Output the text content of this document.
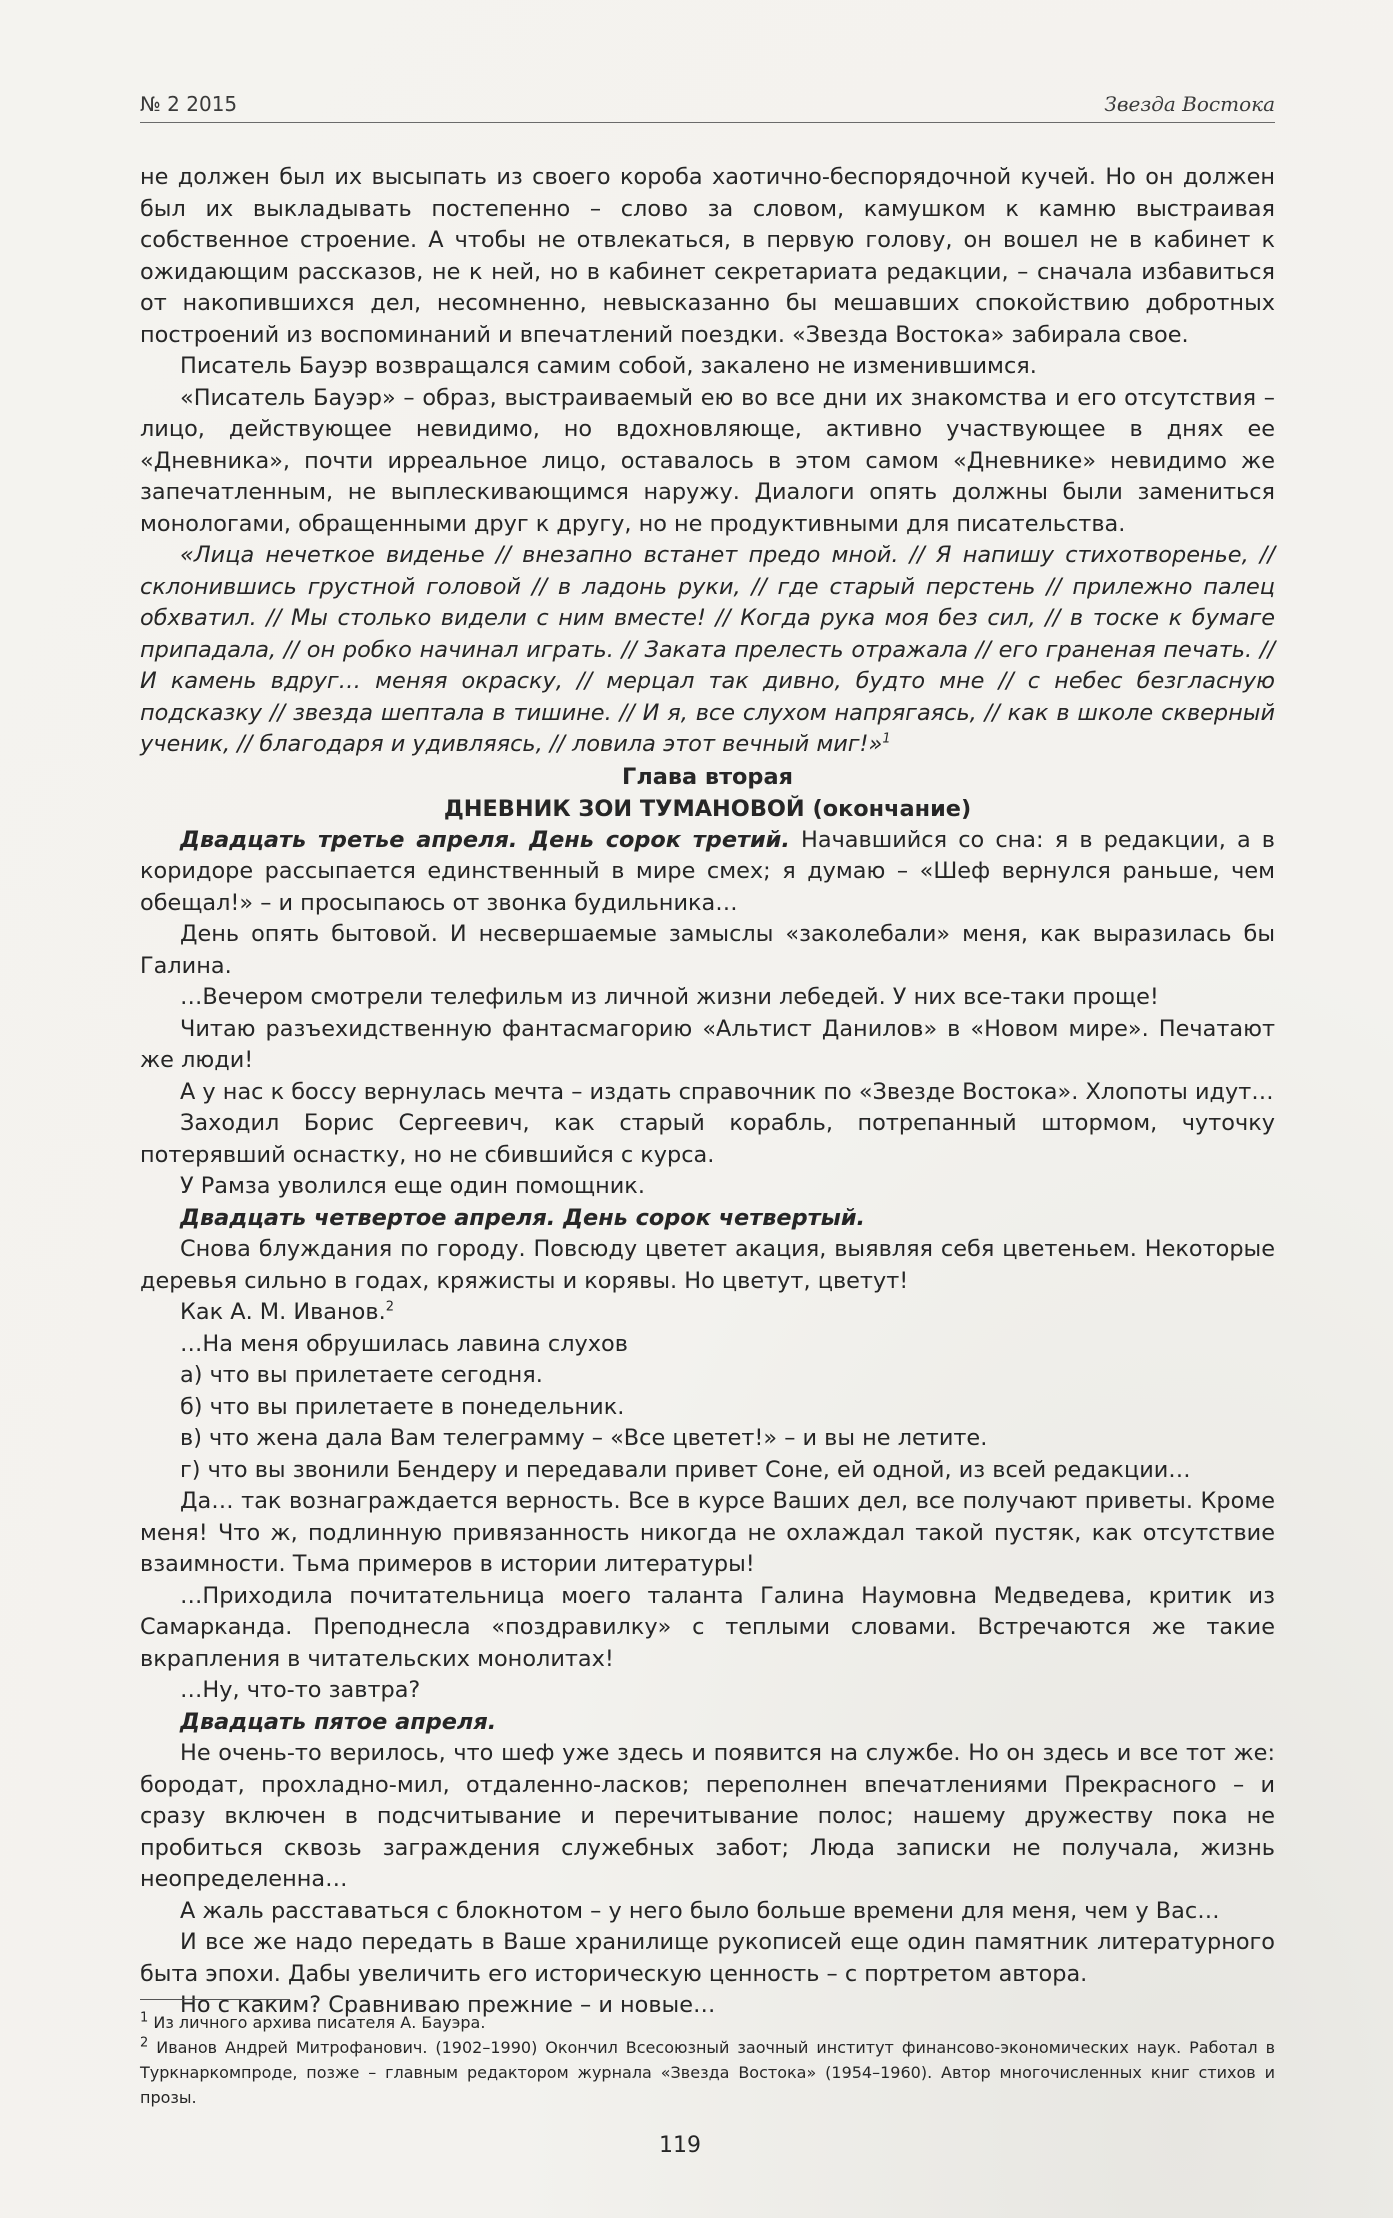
№ 2 2015	Звезда Востока

не должен был их высыпать из своего короба хаотично-беспорядочной кучей. Но он должен был их выкладывать постепенно – слово за словом, камушком к камню выстраивая собственное строение. А чтобы не отвлекаться, в первую голову, он вошел не в кабинет к ожидающим рассказов, не к ней, но в кабинет секретариата редакции, – сначала избавиться от накопившихся дел, несомненно, невысказанно бы мешавших спокойствию добротных построений из воспоминаний и впечатлений поездки. «Звезда Востока» забирала свое.

Писатель Бауэр возвращался самим собой, закалено не изменившимся.

«Писатель Бауэр» – образ, выстраиваемый ею во все дни их знакомства и его отсутствия – лицо, действующее невидимо, но вдохновляюще, активно участвующее в днях ее «Дневника», почти ирреальное лицо, оставалось в этом самом «Дневнике» невидимо же запечатленным, не выплескивающимся наружу. Диалоги опять должны были замениться монологами, обращенными друг к другу, но не продуктивными для писательства.

«Лица нечеткое виденье // внезапно встанет предо мной. // Я напишу стихотворенье, // склонившись грустной головой // в ладонь руки, // где старый перстень // прилежно палец обхватил. // Мы столько видели с ним вместе! // Когда рука моя без сил, // в тоске к бумаге припадала, // он робко начинал играть. // Заката прелесть отражала // его граненая печать. // И камень вдруг… меняя окраску, // мерцал так дивно, будто мне // с небес безгласную подсказку // звезда шептала в тишине. // И я, все слухом напрягаясь, // как в школе скверный ученик, // благодаря и удивляясь, // ловила этот вечный миг!»$^1$

Глава вторая

ДНЕВНИК ЗОИ ТУМАНОВОЙ (окончание)

Двадцать третье апреля. День сорок третий. Начавшийся со сна: я в редакции, а в коридоре рассыпается единственный в мире смех; я думаю – «Шеф вернулся раньше, чем обещал!» – и просыпаюсь от звонка будильника…

День опять бытовой. И несвершаемые замыслы «заколебали» меня, как выразилась бы Галина.

…Вечером смотрели телефильм из личной жизни лебедей. У них все-таки проще!

Читаю разъехидственную фантасмагорию «Альтист Данилов» в «Новом мире». Печатают же люди!

А у нас к боссу вернулась мечта – издать справочник по «Звезде Востока». Хлопоты идут…

Заходил Борис Сергеевич, как старый корабль, потрепанный штормом, чуточку потерявший оснастку, но не сбившийся с курса.

У Рамза уволился еще один помощник.

Двадцать четвертое апреля. День сорок четвертый.

Снова блуждания по городу. Повсюду цветет акация, выявляя себя цветеньем. Некоторые деревья сильно в годах, кряжисты и корявы. Но цветут, цветут!

Как А. М. Иванов.$^2$

…На меня обрушилась лавина слухов

а) что вы прилетаете сегодня.

б) что вы прилетаете в понедельник.

в) что жена дала Вам телеграмму – «Все цветет!» – и вы не летите.

г) что вы звонили Бендеру и передавали привет Соне, ей одной, из всей редакции…

Да… так вознаграждается верность. Все в курсе Ваших дел, все получают приветы. Кроме меня! Что ж, подлинную привязанность никогда не охлаждал такой пустяк, как отсутствие взаимности. Тьма примеров в истории литературы!

…Приходила почитательница моего таланта Галина Наумовна Медведева, критик из Самарканда. Преподнесла «поздравилку» с теплыми словами. Встречаются же такие вкрапления в читательских монолитах!

…Ну, что-то завтра?

Двадцать пятое апреля.

Не очень-то верилось, что шеф уже здесь и появится на службе. Но он здесь и все тот же: бородат, прохладно-мил, отдаленно-ласков; переполнен впечатлениями Прекрасного – и сразу включен в подсчитывание и перечитывание полос; нашему дружеству пока не пробиться сквозь заграждения служебных забот; Люда записки не получала, жизнь неопределенна…

А жаль расставаться с блокнотом – у него было больше времени для меня, чем у Вас…

И все же надо передать в Ваше хранилище рукописей еще один памятник литературного быта эпохи. Дабы увеличить его историческую ценность – с портретом автора.

Но с каким? Сравниваю прежние – и новые…

$^1$ Из личного архива писателя А. Бауэра.

$^2$ Иванов Андрей Митрофанович. (1902–1990) Окончил Всесоюзный заочный институт финансово-экономических наук. Работал в Туркнаркомпроде, позже – главным редактором журнала «Звезда Востока» (1954–1960). Автор многочисленных книг стихов и прозы.

119
